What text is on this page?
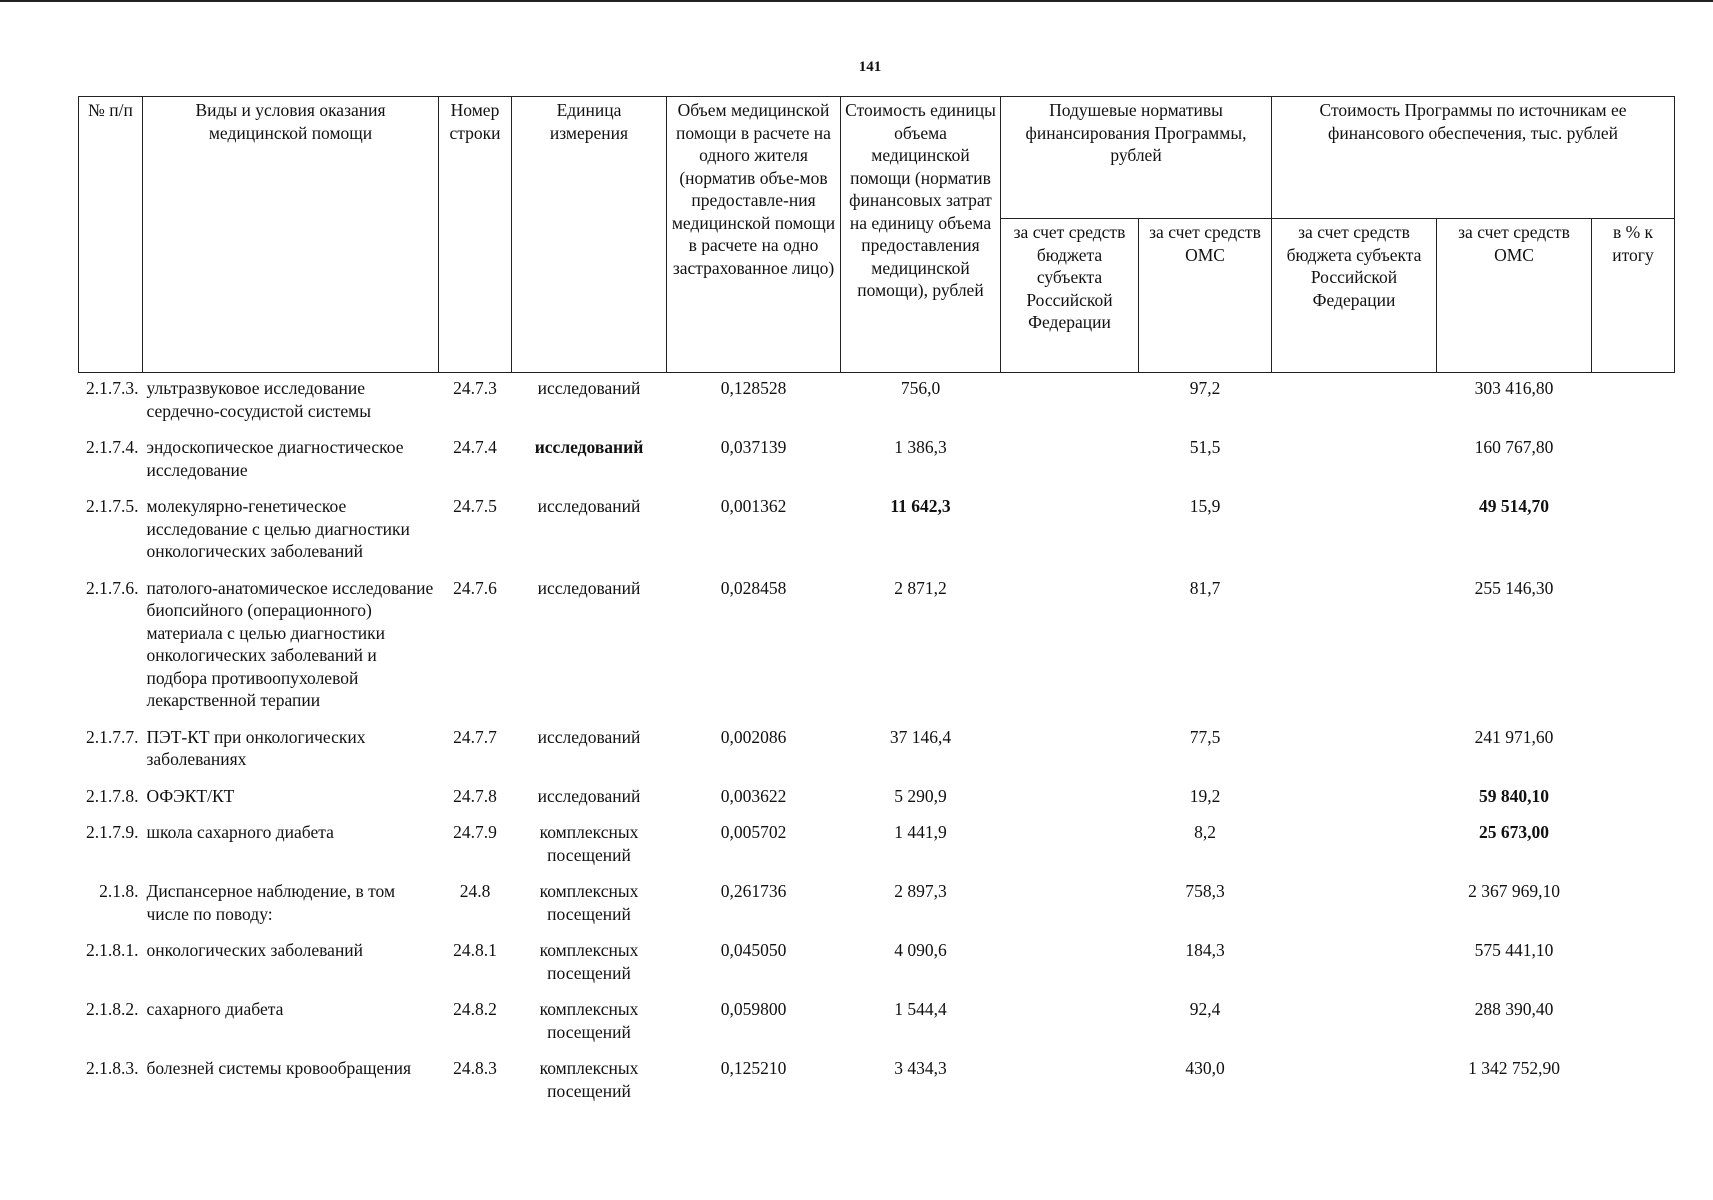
141
№ п/п	Виды и условия оказания медицинской помощи	Номер строки	Единица измерения	Объем медицинской помощи в расчете на одного жителя (норматив объе-мов предоставле-ния медицинской помощи в расчете на одно застрахованное лицо)	Стоимость единицы объема медицинской помощи (норматив финансовых затрат на единицу объема предоставления медицинской помощи), рублей	Подушевые нормативы финансирования Программы, рублей		Стоимость Программы по источникам ее финансового обеспечения, тыс. рублей		
						за счет средств бюджета субъекта Российской Федерации	за счет средств ОМС	за счет средств бюджета субъекта Российской Федерации	за счет средств ОМС	в % к итогу
2.1.7.3.	ультразвуковое исследование сердечно-сосудистой системы	24.7.3	исследований	0,128528	756,0		97,2		303 416,80	
2.1.7.4.	эндоскопическое диагностическое исследование	24.7.4	исследований	0,037139	1 386,3		51,5		160 767,80	
2.1.7.5.	молекулярно-генетическое исследование с целью диагностики онкологических заболеваний	24.7.5	исследований	0,001362	11 642,3		15,9		49 514,70	
2.1.7.6.	патолого-анатомическое исследование биопсийного (операционного) материала с целью диагностики онкологических заболеваний и подбора противоопухолевой лекарственной терапии	24.7.6	исследований	0,028458	2 871,2		81,7		255 146,30	
2.1.7.7.	ПЭТ-КТ при онкологических заболеваниях	24.7.7	исследований	0,002086	37 146,4		77,5		241 971,60	
2.1.7.8.	ОФЭКТ/КТ	24.7.8	исследований	0,003622	5 290,9		19,2		59 840,10	
2.1.7.9.	школа сахарного диабета	24.7.9	комплексных посещений	0,005702	1 441,9		8,2		25 673,00	
2.1.8.	Диспансерное наблюдение, в том числе по поводу:	24.8	комплексных посещений	0,261736	2 897,3		758,3		2 367 969,10	
2.1.8.1.	онкологических заболеваний	24.8.1	комплексных посещений	0,045050	4 090,6		184,3		575 441,10	
2.1.8.2.	сахарного диабета	24.8.2	комплексных посещений	0,059800	1 544,4		92,4		288 390,40	
2.1.8.3.	болезней системы кровообращения	24.8.3	комплексных посещений	0,125210	3 434,3		430,0		1 342 752,90	
